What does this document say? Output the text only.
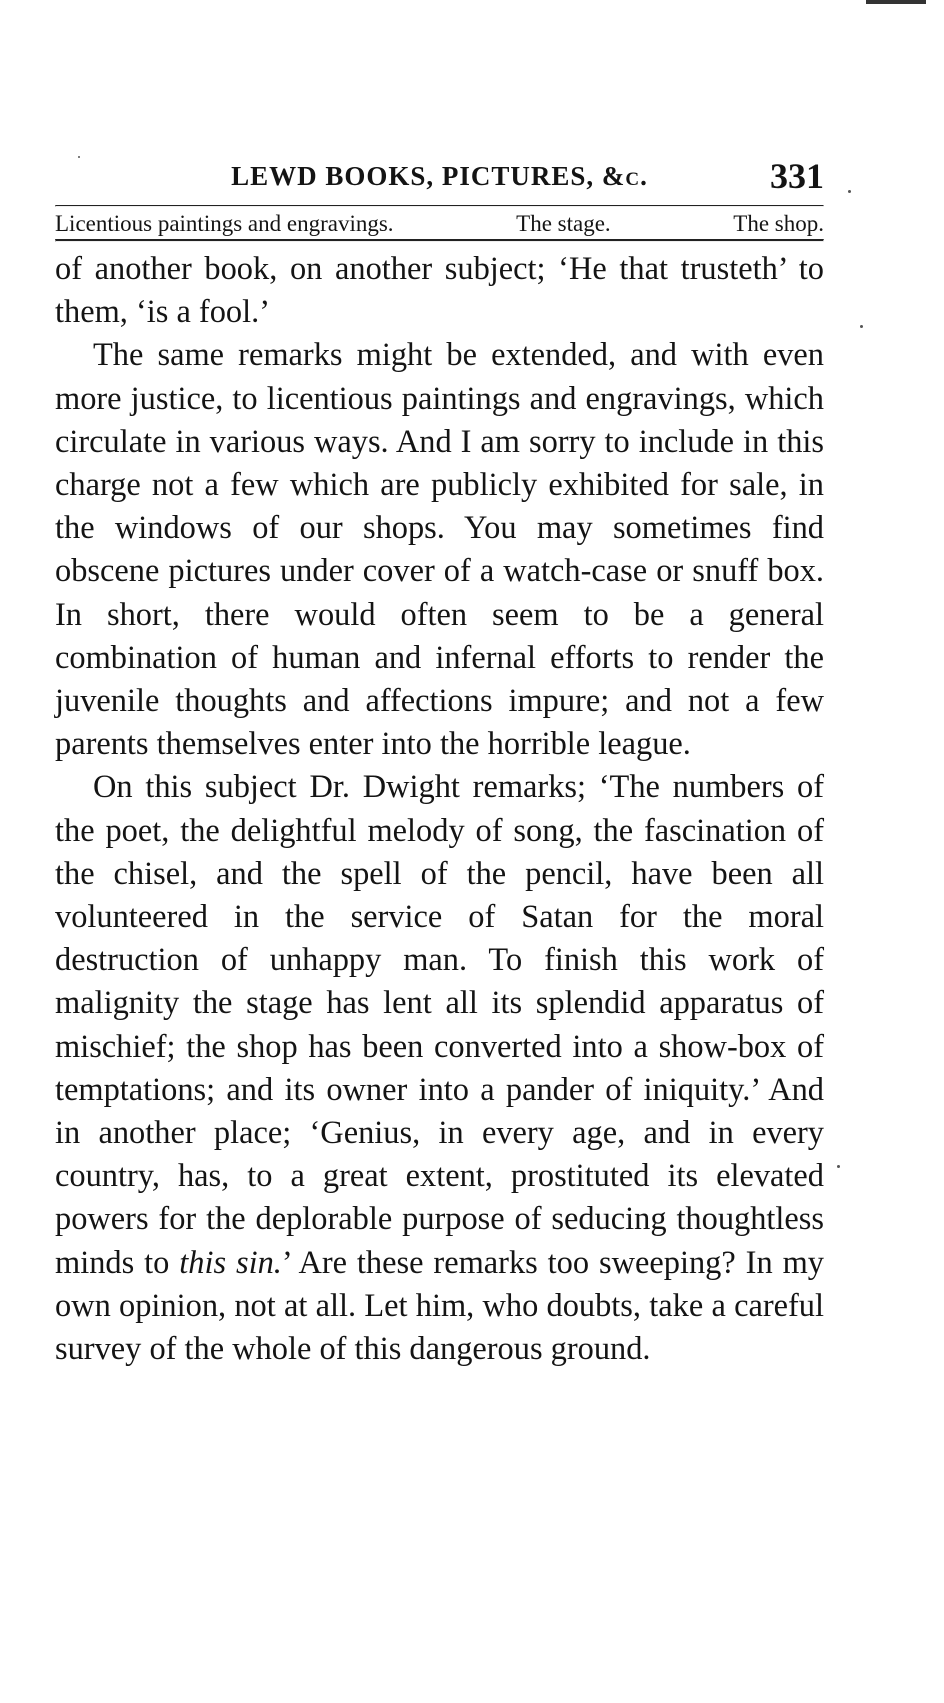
LEWD BOOKS, PICTURES, &c.	331
Licentious paintings and engravings.	The stage.	The shop.

of another book, on another subject; ‘He that trusteth’ to them, ‘is a fool.’

The same remarks might be extended, and with even more justice, to licentious paintings and engravings, which circulate in various ways. And I am sorry to include in this charge not a few which are publicly exhibited for sale, in the windows of our shops. You may sometimes find obscene pictures under cover of a watch-case or snuff box. In short, there would often seem to be a general combination of human and infernal efforts to render the juvenile thoughts and affections impure; and not a few parents themselves enter into the horrible league.

On this subject Dr. Dwight remarks; ‘The numbers of the poet, the delightful melody of song, the fascination of the chisel, and the spell of the pencil, have been all volunteered in the service of Satan for the moral destruction of unhappy man. To finish this work of malignity the stage has lent all its splendid apparatus of mischief; the shop has been converted into a show-box of temptations; and its owner into a pander of iniquity.’ And in another place; ‘Genius, in every age, and in every country, has, to a great extent, prostituted its elevated powers for the deplorable purpose of seducing thoughtless minds to this sin.’ Are these remarks too sweeping? In my own opinion, not at all. Let him, who doubts, take a careful survey of the whole of this dangerous ground.
